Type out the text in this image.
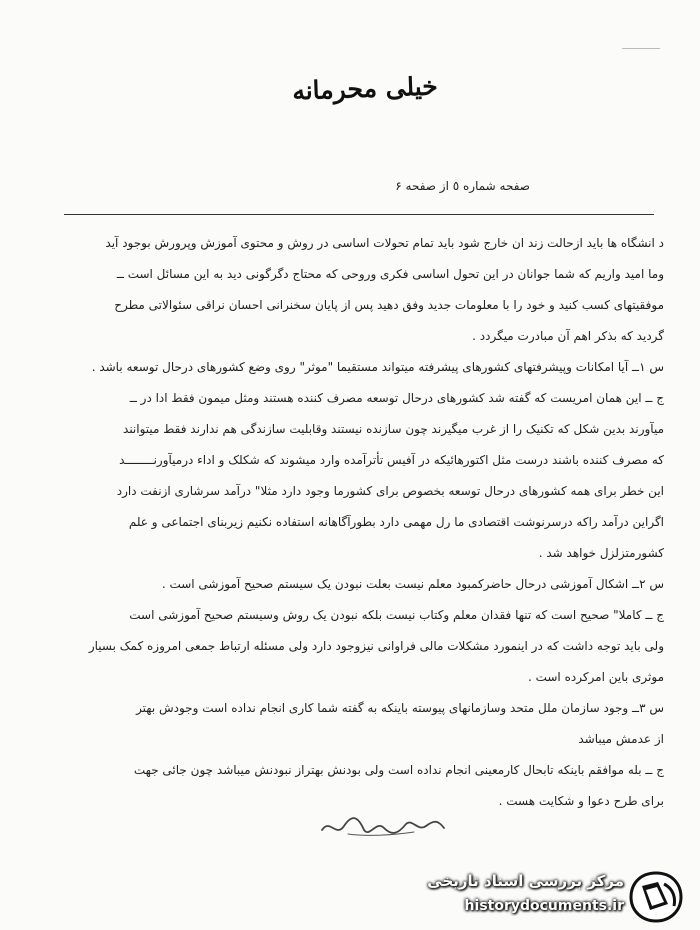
خیلی محرمانه
صفحه شماره ٥ از صفحه ۶

د انشگاه ها باید ازحالت زند ان خارج شود باید تمام تحولات اساسی در روش و محتوی آموزش وپرورش بوجود آید

وما امید واریم که شما جوانان در این تحول اساسی فکری وروحی که محتاج دگرگونی دید به این مسائل است ــ

موفقیتهای کسب کنید و خود را با معلومات جدید وفق دهید پس از پایان سخنرانی احسان نراقی سئوالاتی مطرح

گردید که بذکر اهم آن مبادرت میگردد .

س ١ــ آیا امکانات وپیشرفتهای کشورهای پیشرفته میتواند مستقیما "موثر" روی وضع کشورهای درحال توسعه باشد .

ج ــ این همان امریست که گفته شد کشورهای درحال توسعه مصرف کننده هستند ومثل میمون فقط ادا در ــ

میآورند بدین شکل که تکنیک را از غرب میگیرند چون سازنده نیستند وقابلیت سازندگی هم ندارند فقط میتوانند

که مصرف کننده باشند درست مثل اکتورهائیکه در آفیس تأترآمده وارد میشوند که شکلک و اداء درمیآورنــــــــد

این خطر برای همه کشورهای درحال توسعه بخصوص برای کشورما وجود دارد مثلا" درآمد سرشاری ازنفت دارد

اگراین درآمد راکه درسرنوشت اقتصادی ما رل مهمی دارد بطورآگاهانه استفاده نکنیم زیربنای اجتماعی و علم

کشورمتزلزل خواهد شد .

س ٢ــ اشکال آموزشی درحال حاضرکمبود معلم نیست بعلت نبودن یک سیستم صحیح آموزشی است .

ج ــ کاملا" صحیح است که تنها فقدان معلم وکتاب نیست بلکه نبودن یک روش وسیستم صحیح آموزشی است

ولی باید توجه داشت که در اینمورد مشکلات مالی فراوانی نیزوجود دارد ولی مسئله ارتباط جمعی امروزه کمک بسیار

موثری باین امرکرده است .

س ٣ــ وجود سازمان ملل متحد وسازمانهای پیوسته باینکه به گفته شما کاری انجام نداده است وجودش بهتر

از عدمش میباشد

ج ــ بله موافقم باینکه تابحال کارمعینی انجام نداده است ولی بودنش بهتراز نبودنش میباشد چون جائی جهت

برای طرح دعوا و شکایت هست .

مرکز بررسی اسناد تاریخی
historydocuments.ir
